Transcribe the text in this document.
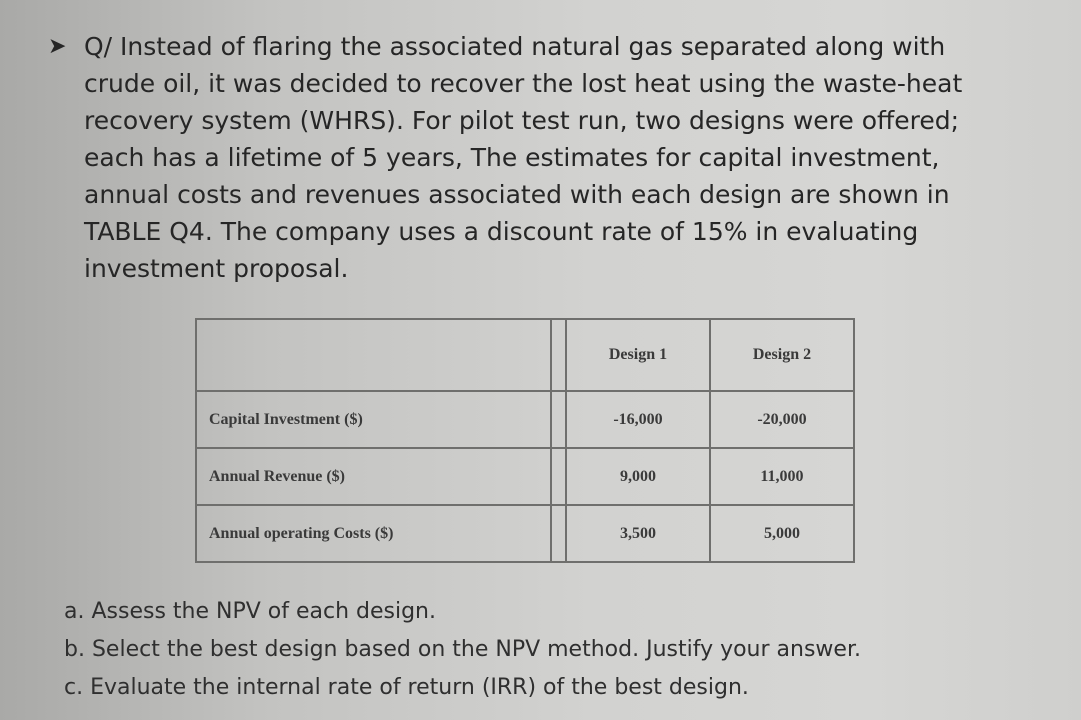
➤ Q/ Instead of flaring the associated natural gas separated along with
crude oil, it was decided to recover the lost heat using the waste-heat
recovery system (WHRS). For pilot test run, two designs were offered;
each has a lifetime of 5 years, The estimates for capital investment,
annual costs and revenues associated with each design are shown in
TABLE Q4. The company uses a discount rate of 15% in evaluating
investment proposal.
		Design 1	Design 2
Capital Investment ($)		-16,000	-20,000
Annual Revenue ($)		9,000	11,000
Annual operating Costs ($)		3,500	5,000
a. Assess the NPV of each design.
b. Select the best design based on the NPV method. Justify your answer.
c. Evaluate the internal rate of return (IRR) of the best design.
